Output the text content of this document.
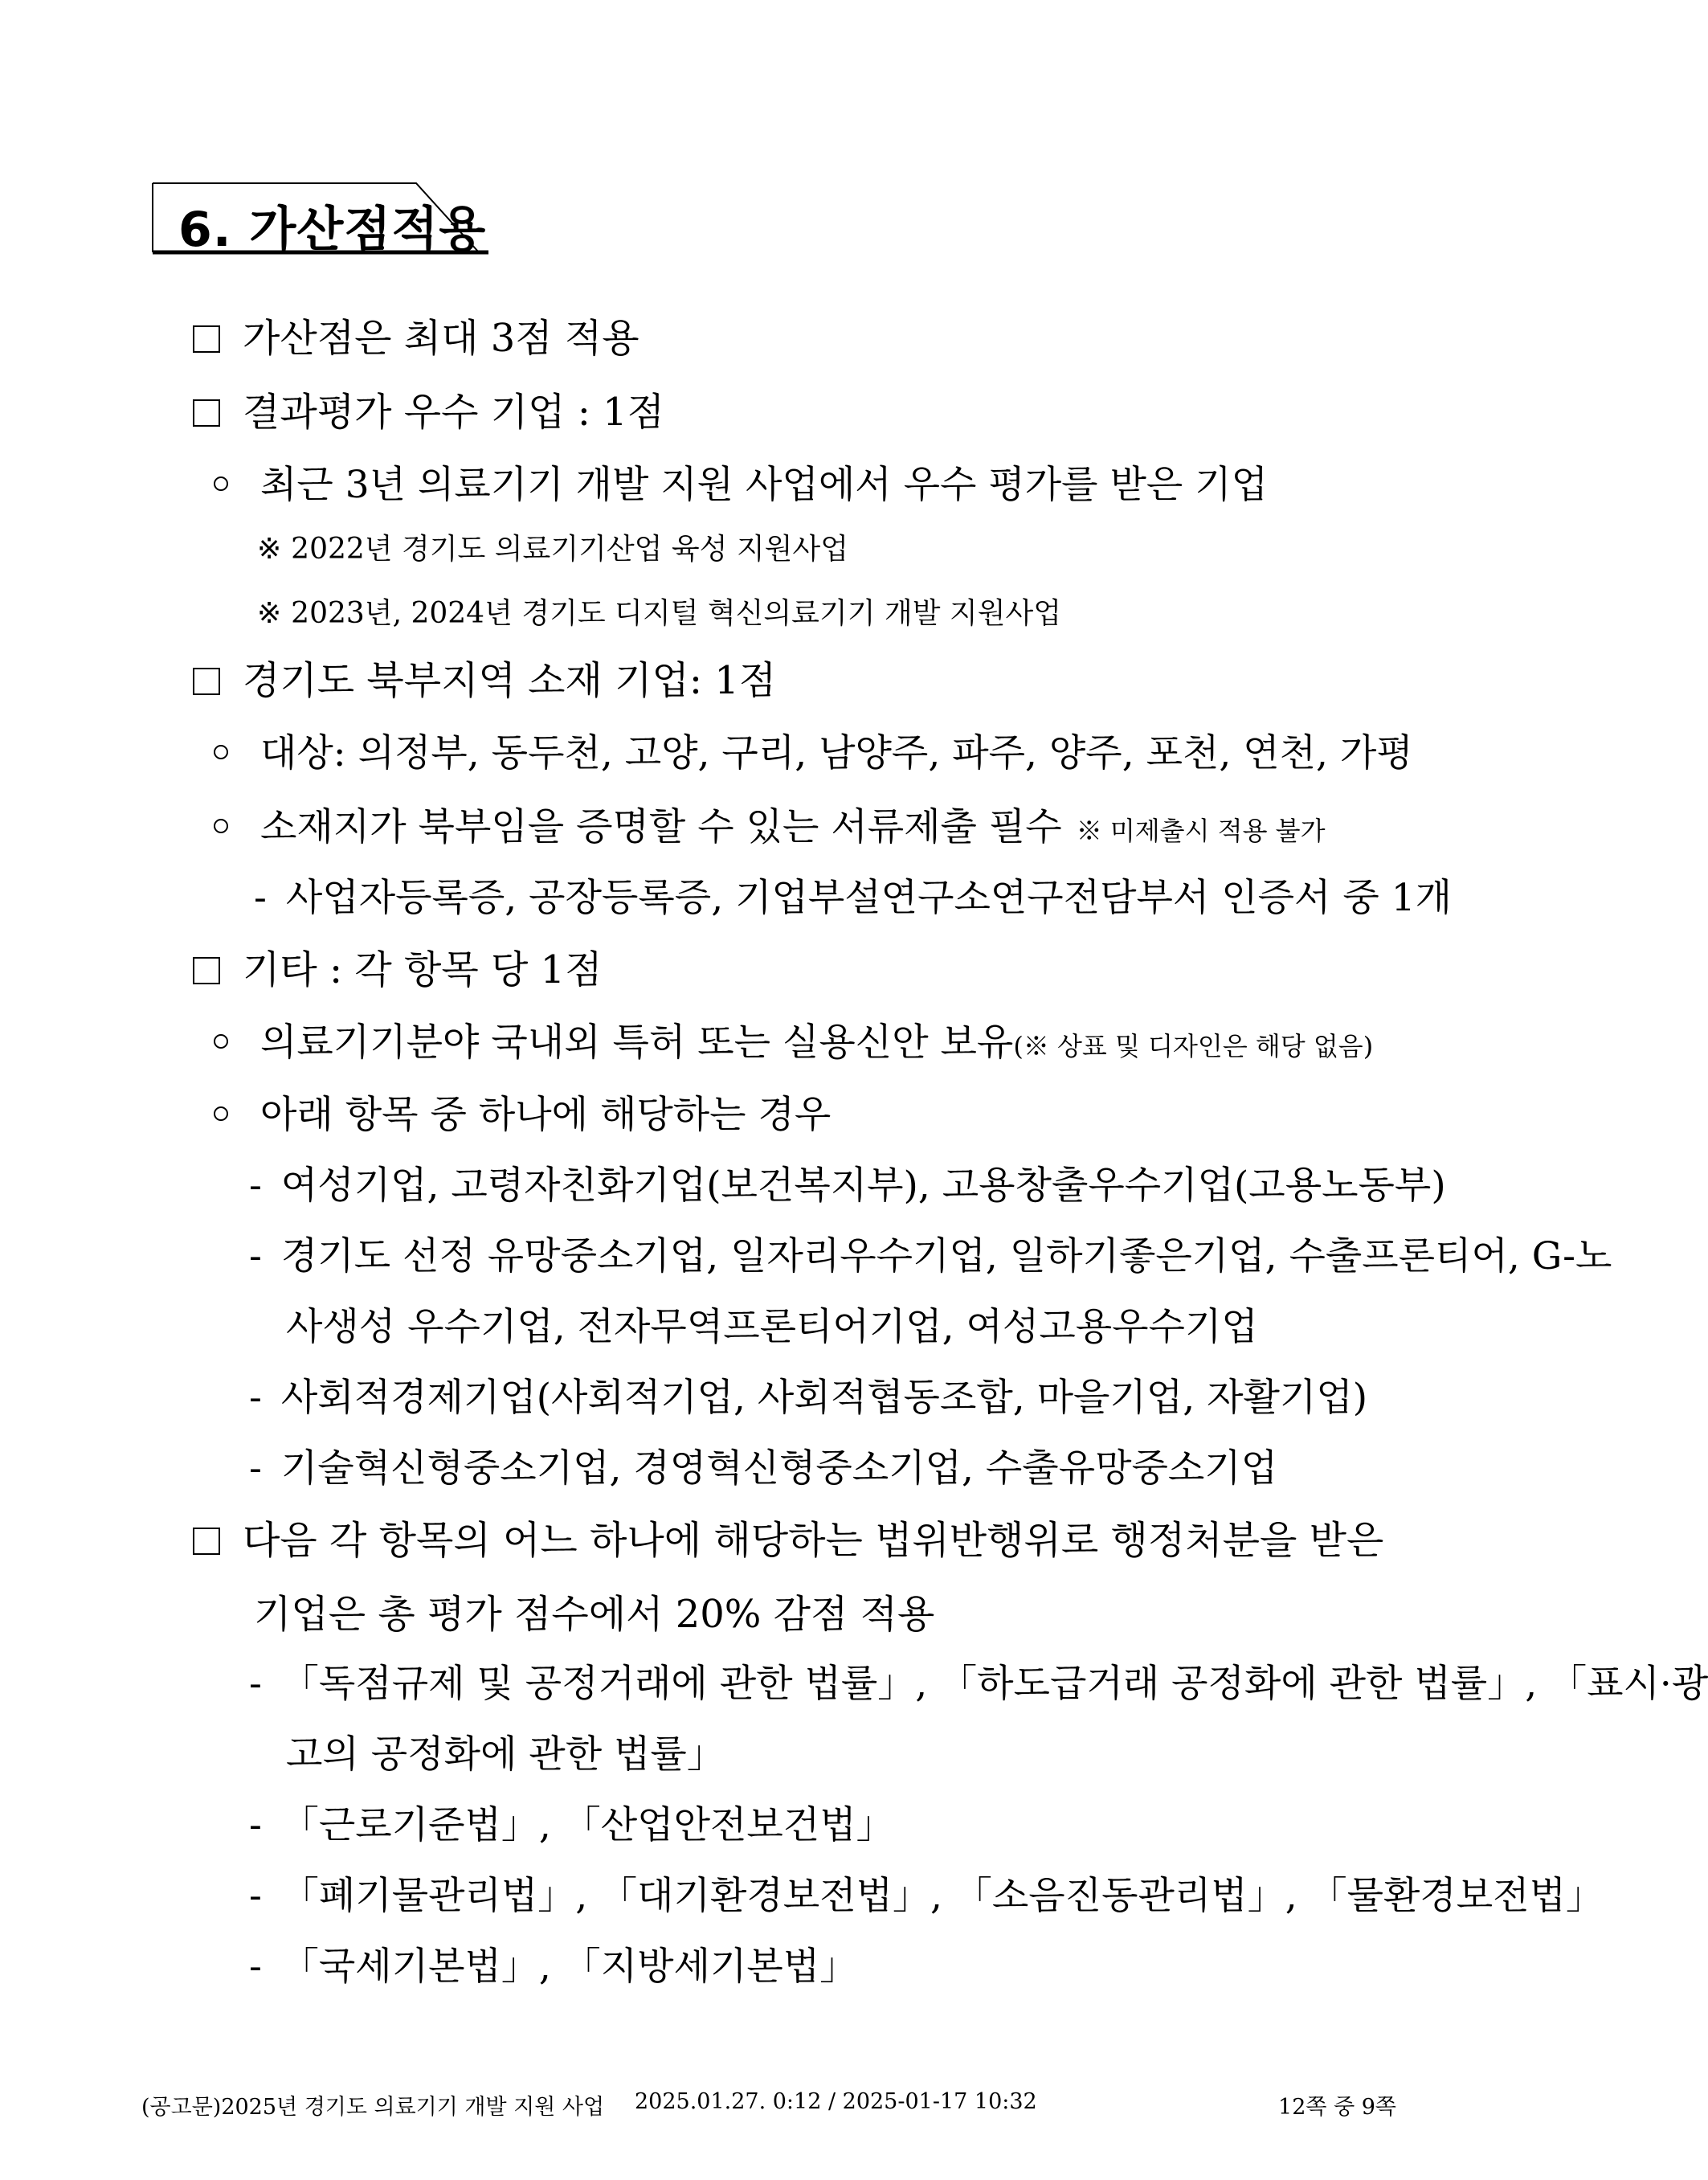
6. 가산점적용
가산점은 최대 3점 적용
결과평가 우수 기업 : 1점
최근 3년 의료기기 개발 지원 사업에서 우수 평가를 받은 기업
※ 2022년 경기도 의료기기산업 육성 지원사업
※ 2023년, 2024년 경기도 디지털 혁신의료기기 개발 지원사업
경기도 북부지역 소재 기업: 1점
대상: 의정부, 동두천, 고양, 구리, 남양주, 파주, 양주, 포천, 연천, 가평
소재지가 북부임을 증명할 수 있는 서류제출 필수 ※ 미제출시 적용 불가
- 사업자등록증, 공장등록증, 기업부설연구소연구전담부서 인증서 중 1개
기타 : 각 항목 당 1점
의료기기분야 국내외 특허 또는 실용신안 보유(※ 상표 및 디자인은 해당 없음)
아래 항목 중 하나에 해당하는 경우
- 여성기업, 고령자친화기업(보건복지부), 고용창출우수기업(고용노동부)
- 경기도 선정 유망중소기업, 일자리우수기업, 일하기좋은기업, 수출프론티어, G-노
사생성 우수기업, 전자무역프론티어기업, 여성고용우수기업
- 사회적경제기업(사회적기업, 사회적협동조합, 마을기업, 자활기업)
- 기술혁신형중소기업, 경영혁신형중소기업, 수출유망중소기업
다음 각 항목의 어느 하나에 해당하는 법위반행위로 행정처분을 받은
기업은 총 평가 점수에서 20% 감점 적용
- 「독점규제 및 공정거래에 관한 법률」, 「하도급거래 공정화에 관한 법률」, 「표시·광
고의 공정화에 관한 법률」
- 「근로기준법」, 「산업안전보건법」
- 「폐기물관리법」, 「대기환경보전법」, 「소음진동관리법」, 「물환경보전법」
- 「국세기본법」, 「지방세기본법」
(공고문)2025년 경기도 의료기기 개발 지원 사업 2025.01.27. 0:12 / 2025-01-17 10:32	12쪽 중 9쪽
